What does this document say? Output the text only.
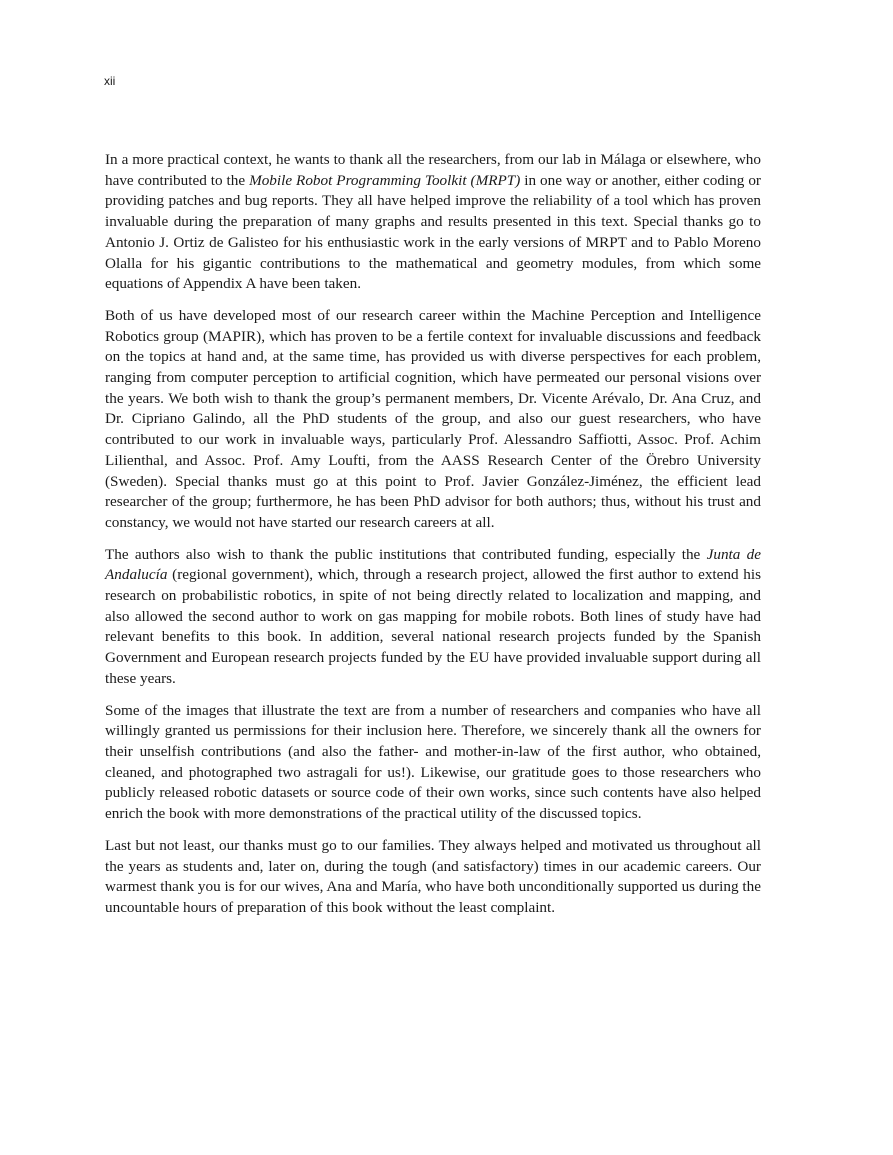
xii

In a more practical context, he wants to thank all the researchers, from our lab in Málaga or elsewhere, who have contributed to the Mobile Robot Programming Toolkit (MRPT) in one way or another, either coding or providing patches and bug reports. They all have helped improve the reliability of a tool which has proven invaluable during the preparation of many graphs and results presented in this text. Special thanks go to Antonio J. Ortiz de Galisteo for his enthusiastic work in the early versions of MRPT and to Pablo Moreno Olalla for his gigantic contributions to the mathematical and geometry modules, from which some equations of Appendix A have been taken.

Both of us have developed most of our research career within the Machine Perception and Intelligence Robotics group (MAPIR), which has proven to be a fertile context for invaluable discussions and feedback on the topics at hand and, at the same time, has provided us with diverse perspectives for each problem, ranging from computer perception to artificial cognition, which have permeated our personal visions over the years. We both wish to thank the group’s permanent members, Dr. Vicente Arévalo, Dr. Ana Cruz, and Dr. Cipriano Galindo, all the PhD students of the group, and also our guest researchers, who have contributed to our work in invaluable ways, particularly Prof. Alessandro Saffiotti, Assoc. Prof. Achim Lilienthal, and Assoc. Prof. Amy Loufti, from the AASS Research Center of the Örebro University (Sweden). Special thanks must go at this point to Prof. Javier González-Jiménez, the efficient lead researcher of the group; furthermore, he has been PhD advisor for both authors; thus, without his trust and constancy, we would not have started our research careers at all.

The authors also wish to thank the public institutions that contributed funding, especially the Junta de Andalucía (regional government), which, through a research project, allowed the first author to extend his research on probabilistic robotics, in spite of not being directly related to localization and mapping, and also allowed the second author to work on gas mapping for mobile robots. Both lines of study have had relevant benefits to this book. In addition, several national research projects funded by the Spanish Government and European research projects funded by the EU have provided invaluable support during all these years.

Some of the images that illustrate the text are from a number of researchers and companies who have all willingly granted us permissions for their inclusion here. Therefore, we sincerely thank all the owners for their unselfish contributions (and also the father- and mother-in-law of the first author, who obtained, cleaned, and photographed two astragali for us!). Likewise, our gratitude goes to those researchers who publicly released robotic datasets or source code of their own works, since such contents have also helped enrich the book with more demonstrations of the practical utility of the discussed topics.

Last but not least, our thanks must go to our families. They always helped and motivated us throughout all the years as students and, later on, during the tough (and satisfactory) times in our academic careers. Our warmest thank you is for our wives, Ana and María, who have both unconditionally supported us during the uncountable hours of preparation of this book without the least complaint.
